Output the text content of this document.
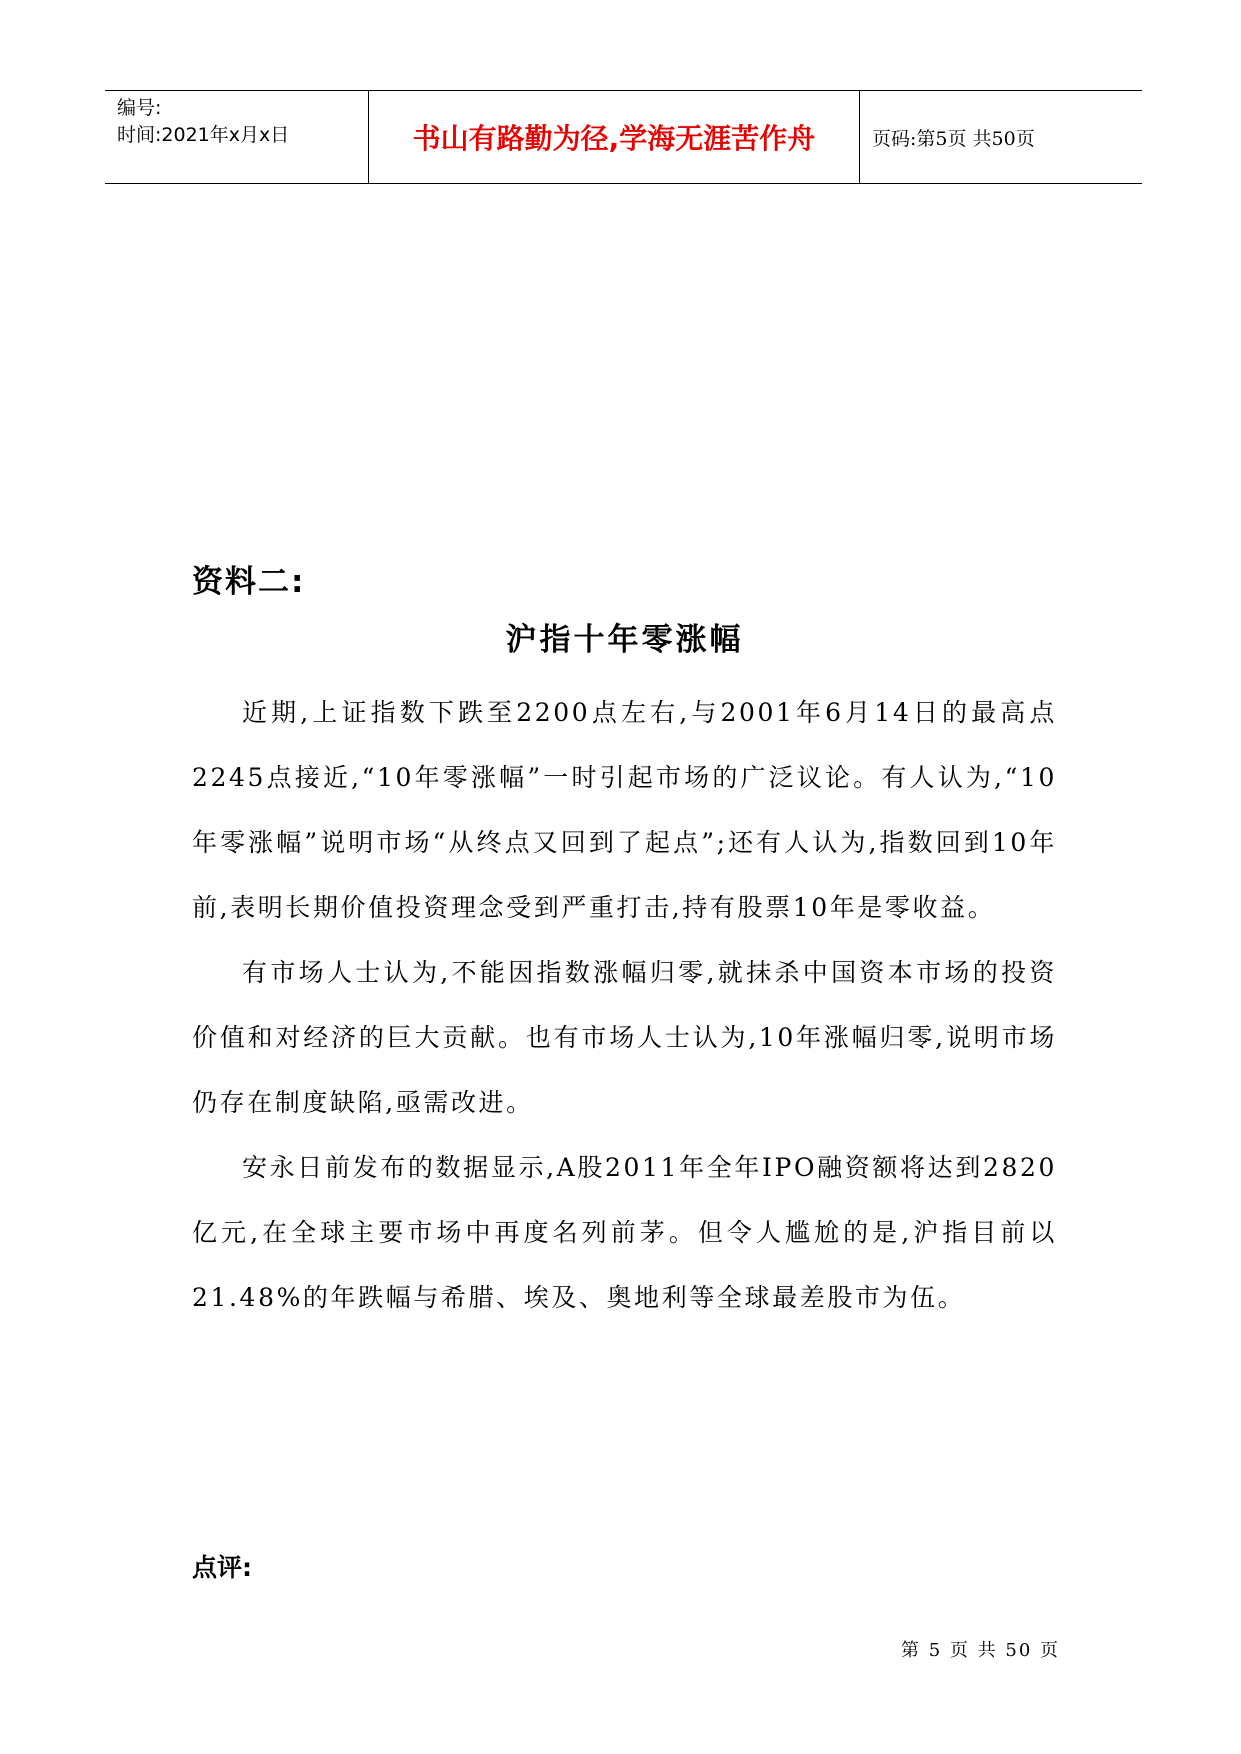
编号:
时间:2021年x月x日	书山有路勤为径,学海无涯苦作舟	页码:第5页 共50页
资料二:
沪指十年零涨幅

近期,上证指数下跌至2200点左右,与2001年6月14日的最高点2245点接近,“10年零涨幅”一时引起市场的广泛议论。有人认为,“10年零涨幅”说明市场“从终点又回到了起点”;还有人认为,指数回到10年前,表明长期价值投资理念受到严重打击,持有股票10年是零收益。

有市场人士认为,不能因指数涨幅归零,就抹杀中国资本市场的投资价值和对经济的巨大贡献。也有市场人士认为,10年涨幅归零,说明市场仍存在制度缺陷,亟需改进。

安永日前发布的数据显示,A股2011年全年IPO融资额将达到2820亿元,在全球主要市场中再度名列前茅。但令人尴尬的是,沪指目前以21.48%的年跌幅与希腊、埃及、奥地利等全球最差股市为伍。

点评:
第 5 页 共 50 页
